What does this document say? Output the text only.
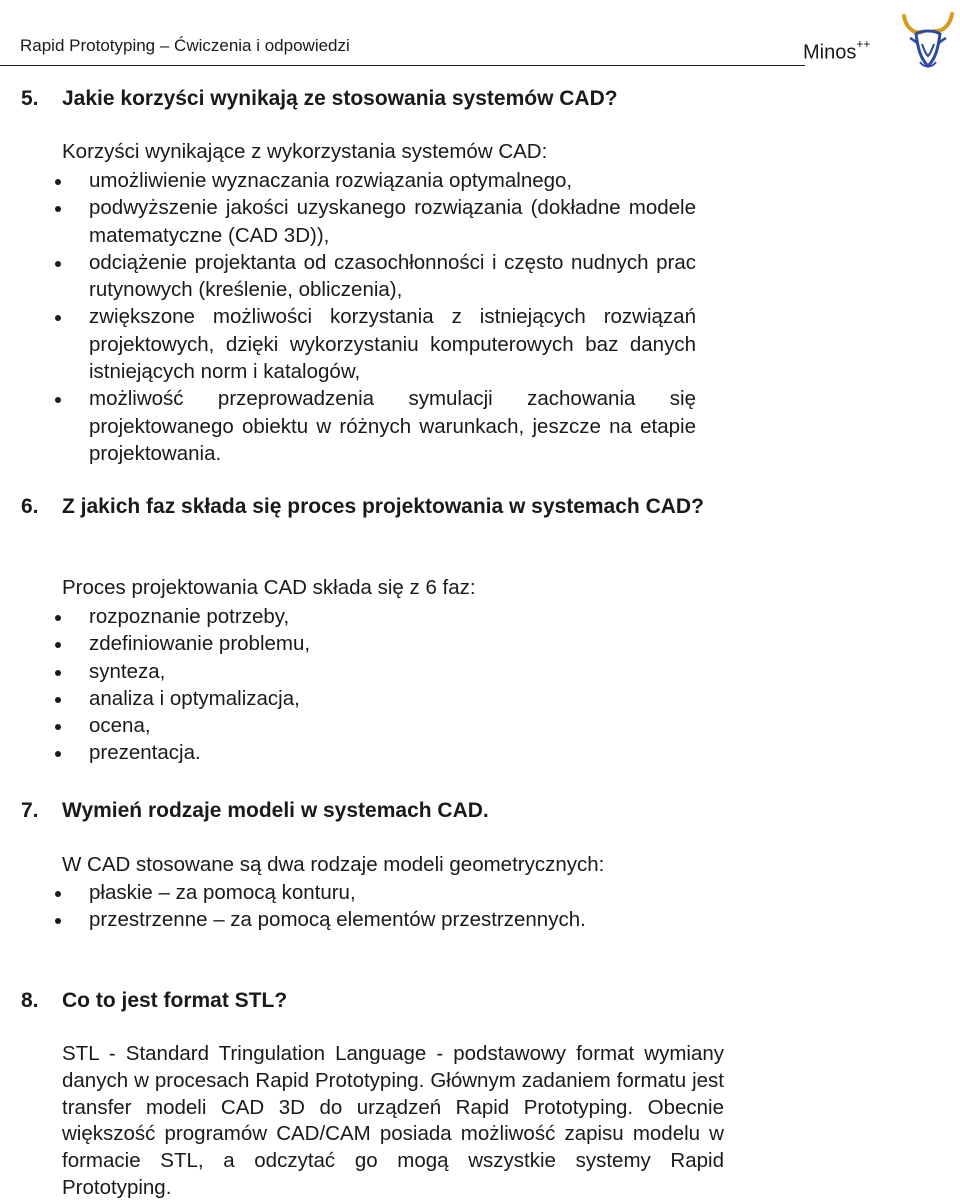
Rapid Prototyping – Ćwiczenia i odpowiedzi	Minos++
5. Jakie korzyści wynikają ze stosowania systemów CAD?

Korzyści wynikające z wykorzystania systemów CAD:

umożliwienie wyznaczania rozwiązania optymalnego,
podwyższenie jakości uzyskanego rozwiązania (dokładne modele matematyczne (CAD 3D)),
odciążenie projektanta od czasochłonności i często nudnych prac rutynowych (kreślenie, obliczenia),
zwiększone możliwości korzystania z istniejących rozwiązań projektowych, dzięki wykorzystaniu komputerowych baz danych istniejących norm i katalogów,
możliwość przeprowadzenia symulacji zachowania się projektowanego obiektu w różnych warunkach, jeszcze na etapie projektowania.
6. Z jakich faz składa się proces projektowania w systemach CAD?

Proces projektowania CAD składa się z 6 faz:

rozpoznanie potrzeby,
zdefiniowanie problemu,
synteza,
analiza i optymalizacja,
ocena,
prezentacja.
7. Wymień rodzaje modeli w systemach CAD.

W CAD stosowane są dwa rodzaje modeli geometrycznych:

płaskie – za pomocą konturu,
przestrzenne – za pomocą elementów przestrzennych.
8. Co to jest format STL?

STL - Standard Tringulation Language - podstawowy format wymiany danych w procesach Rapid Prototyping. Głównym zadaniem formatu jest transfer modeli CAD 3D do urządzeń Rapid Prototyping. Obecnie większość programów CAD/CAM posiada możliwość zapisu modelu w formacie STL, a odczytać go mogą wszystkie systemy Rapid Prototyping.
